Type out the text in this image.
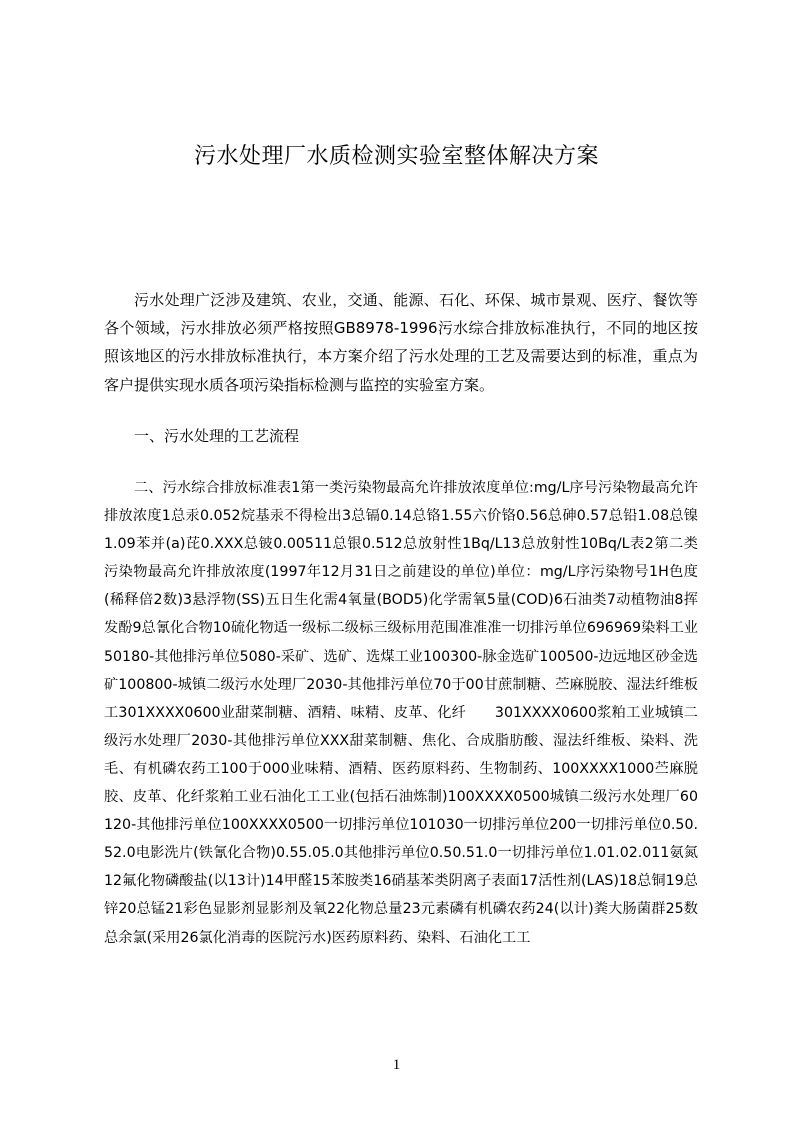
污水处理厂水质检测实验室整体解决方案

污水处理广泛涉及建筑、农业，交通、能源、石化、环保、城市景观、医疗、餐饮等各个领域，污水排放必须严格按照GB8978-1996污水综合排放标准执行，不同的地区按照该地区的污水排放标准执行，本方案介绍了污水处理的工艺及需要达到的标准，重点为客户提供实现水质各项污染指标检测与监控的实验室方案。

一、污水处理的工艺流程

二、污水综合排放标准表1第一类污染物最高允许排放浓度单位:mg/L序号污染物最高允许排放浓度1总汞0.052烷基汞不得检出3总镉0.14总铬1.55六价铬0.56总砷0.57总铅1.08总镍1.09苯并(a)芘0.XXX总铍0.00511总银0.512总放射性1Bq/L13总放射性10Bq/L表2第二类污染物最高允许排放浓度(1997年12月31日之前建设的单位)单位：mg/L序污染物号1H色度(稀释倍2数)3悬浮物(SS)五日生化需4氧量(BOD5)化学需氧5量(COD)6石油类7动植物油8挥发酚9总氰化合物10硫化物适一级标二级标三级标用范围准准准一切排污单位696969染料工业50180-其他排污单位5080-采矿、选矿、选煤工业100300-脉金选矿100500-边远地区砂金选矿100800-城镇二级污水处理厂2030-其他排污单位70于00甘蔗制糖、苎麻脱胶、湿法纤维板工301XXXX0600业甜菜制糖、酒精、味精、皮革、化纤　　301XXXX0600浆粕工业城镇二级污水处理厂2030-其他排污单位XXX甜菜制糖、焦化、合成脂肪酸、湿法纤维板、染料、洗毛、有机磷农药工100于000业味精、酒精、医药原料药、生物制药、100XXXX1000苎麻脱胶、皮革、化纤浆粕工业石油化工工业(包括石油炼制)100XXXX0500城镇二级污水处理厂60120-其他排污单位100XXXX0500一切排污单位101030一切排污单位200一切排污单位0.50.52.0电影洗片(铁氰化合物)0.55.05.0其他排污单位0.50.51.0一切排污单位1.01.02.011氨氮12氟化物磷酸盐(以13计)14甲醛15苯胺类16硝基苯类阴离子表面17活性剂(LAS)18总铜19总锌20总锰21彩色显影剂显影剂及氧22化物总量23元素磷有机磷农药24(以计)粪大肠菌群25数总余氯(采用26氯化消毒的医院污水)医药原料药、染料、石油化工工

1
